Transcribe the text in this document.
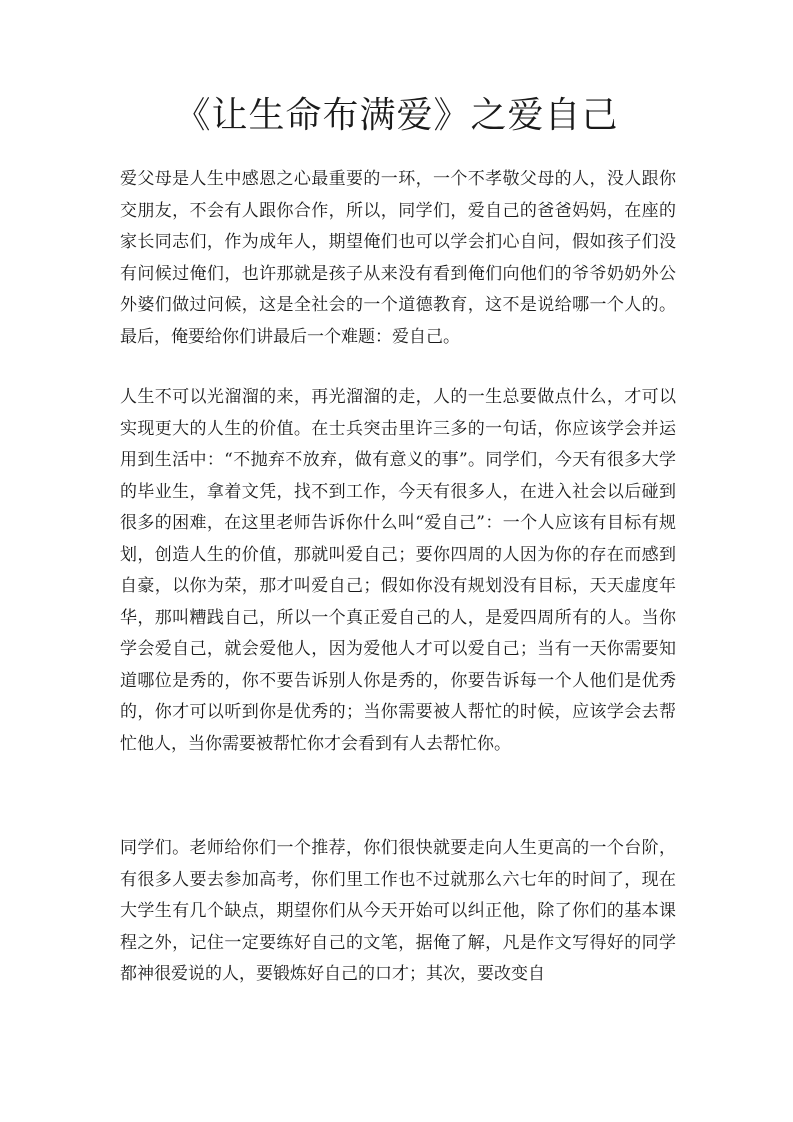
《让生命布满爱》之爱自己

爱父母是人生中感恩之心最重要的一环，一个不孝敬父母的人，没人跟你交朋友，不会有人跟你合作，所以，同学们，爱自己的爸爸妈妈，在座的家长同志们，作为成年人，期望俺们也可以学会扪心自问，假如孩子们没有问候过俺们，也许那就是孩子从来没有看到俺们向他们的爷爷奶奶外公外婆们做过问候，这是全社会的一个道德教育，这不是说给哪一个人的。最后，俺要给你们讲最后一个难题：爱自己。

人生不可以光溜溜的来，再光溜溜的走，人的一生总要做点什么，才可以实现更大的人生的价值。在士兵突击里许三多的一句话，你应该学会并运用到生活中：“不抛弃不放弃，做有意义的事”。同学们，今天有很多大学的毕业生，拿着文凭，找不到工作，今天有很多人，在进入社会以后碰到很多的困难，在这里老师告诉你什么叫“爱自己”：一个人应该有目标有规划，创造人生的价值，那就叫爱自己；要你四周的人因为你的存在而感到自豪，以你为荣，那才叫爱自己；假如你没有规划没有目标，天天虚度年华，那叫糟践自己，所以一个真正爱自己的人，是爱四周所有的人。当你学会爱自己，就会爱他人，因为爱他人才可以爱自己；当有一天你需要知道哪位是秀的，你不要告诉别人你是秀的，你要告诉每一个人他们是优秀的，你才可以听到你是优秀的；当你需要被人帮忙的时候，应该学会去帮忙他人，当你需要被帮忙你才会看到有人去帮忙你。

同学们。老师给你们一个推荐，你们很快就要走向人生更高的一个台阶，有很多人要去参加高考，你们里工作也不过就那么六七年的时间了，现在大学生有几个缺点，期望你们从今天开始可以纠正他，除了你们的基本课程之外，记住一定要练好自己的文笔，据俺了解，凡是作文写得好的同学都神很爱说的人，要锻炼好自己的口才；其次，要改变自
